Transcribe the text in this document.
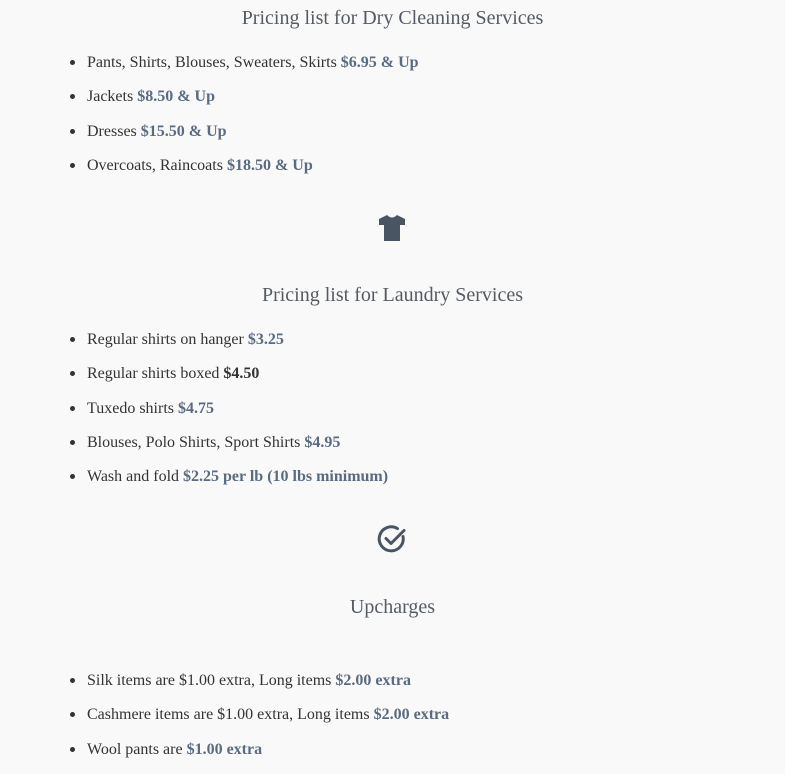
Pricing list for Dry Cleaning Services
Pants, Shirts, Blouses, Sweaters, Skirts $6.95 & Up
Jackets $8.50 & Up
Dresses $15.50 & Up
Overcoats, Raincoats $18.50 & Up
Pricing list for Laundry Services
Regular shirts on hanger $3.25
Regular shirts boxed $4.50
Tuxedo shirts $4.75
Blouses, Polo Shirts, Sport Shirts $4.95
Wash and fold $2.25 per lb (10 lbs minimum)
Upcharges
Silk items are $1.00 extra, Long items $2.00 extra
Cashmere items are $1.00 extra, Long items $2.00 extra
Wool pants are $1.00 extra
